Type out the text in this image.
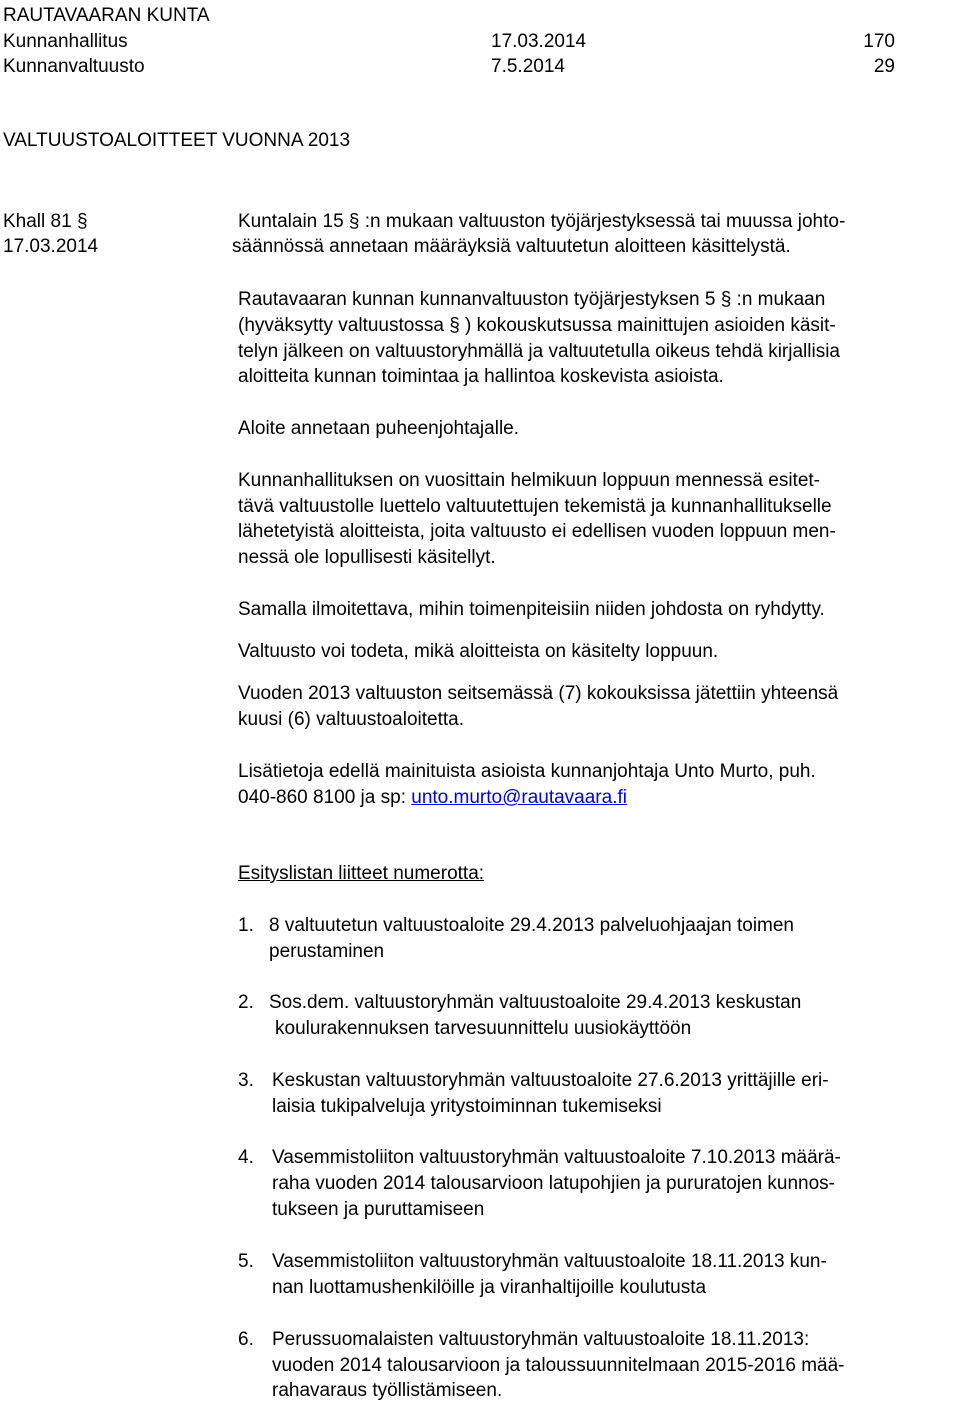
RAUTAVAARAN KUNTA
Kunnanhallitus	17.03.2014	170
Kunnanvaltuusto	7.5.2014	29
VALTUUSTOALOITTEET VUONNA 2013
Khall 81 §
17.03.2014
Kuntalain 15 § :n mukaan valtuuston työjärjestyksessä tai muussa johto-
säännössä annetaan määräyksiä valtuutetun aloitteen käsittelystä.
Rautavaaran kunnan kunnanvaltuuston työjärjestyksen 5 § :n mukaan
(hyväksytty valtuustossa § ) kokouskutsussa mainittujen asioiden käsit-
telyn jälkeen on valtuustoryhmällä ja valtuutetulla oikeus tehdä kirjallisia
aloitteita kunnan toimintaa ja hallintoa koskevista asioista.
Aloite annetaan puheenjohtajalle.
Kunnanhallituksen on vuosittain helmikuun loppuun mennessä esitet-
tävä valtuustolle luettelo valtuutettujen tekemistä ja kunnanhallitukselle
lähetetyistä aloitteista, joita valtuusto ei edellisen vuoden loppuun men-
nessä ole lopullisesti käsitellyt.
Samalla ilmoitettava, mihin toimenpiteisiin niiden johdosta on ryhdytty.
Valtuusto voi todeta, mikä aloitteista on käsitelty loppuun.
Vuoden 2013 valtuuston seitsemässä (7) kokouksissa jätettiin yhteensä
kuusi (6) valtuustoaloitetta.
Lisätietoja edellä mainituista asioista kunnanjohtaja Unto Murto, puh.
040-860 8100 ja sp: unto.murto@rautavaara.fi
Esityslistan liitteet numerotta:
1. 8 valtuutetun valtuustoaloite 29.4.2013 palveluohjaajan toimen
perustaminen
2. Sos.dem. valtuustoryhmän valtuustoaloite 29.4.2013 keskustan
koulurakennuksen tarvesuunnittelu uusiokäyttöön
3. Keskustan valtuustoryhmän valtuustoaloite 27.6.2013 yrittäjille eri-
laisia tukipalveluja yritystoiminnan tukemiseksi
4. Vasemmistoliiton valtuustoryhmän valtuustoaloite 7.10.2013 määrä-
raha vuoden 2014 talousarvioon latupohjien ja pururatojen kunnos-
tukseen ja puruttamiseen
5. Vasemmistoliiton valtuustoryhmän valtuustoaloite 18.11.2013 kun-
nan luottamushenkilöille ja viranhaltijoille koulutusta
6. Perussuomalaisten valtuustoryhmän valtuustoaloite 18.11.2013:
vuoden 2014 talousarvioon ja taloussuunnitelmaan 2015-2016 mää-
rahavaraus työllistämiseen.
